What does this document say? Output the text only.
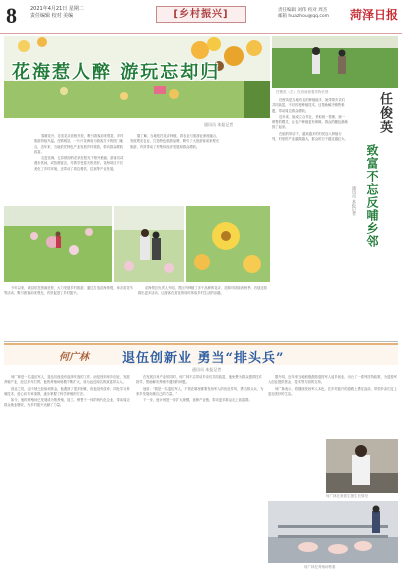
8	2021年4月21日 星期二
责任编辑 校对 美编	[乡村振兴]	责任编辑 刘伟 校对 周杰
邮箱 huazhou@qq.com 菏泽日报
花海惹人醉 游玩忘却归
通讯员 本报记者

春暖花开，各类花卉竞相开放，吸引游客前来观赏，乡村旅游持续升温。在郓城县，一片片花海成为游客打卡的热门地点，近年来，当地依托特色产业发展乡村旅游，带动群众增收致富。

走进花海，五彩缤纷的花朵在阳光下格外艳丽，游客们或漫步其间，或拍照留念，尽情享受春天的美好。花海项目不仅美化了乡村环境，还带动了周边餐饮、住宿等产业发展。

据了解，当地依托花卉种植，将农业与旅游业深度融合，发展观光农业，打造特色旅游品牌，吸引了大批游客前来观光旅游，有效带动了村集体经济发展和群众增收。

今年以来，该县依托资源优势，大力发展乡村旅游，通过打造花海景观，举办赏花节等活动，吸引游客前来观光，有效促进了乡村振兴。

花海景区负责人介绍，景区内种植了多个品种的花卉，花期可持续到秋季，后续还将推出更多活动，让游客在赏花的同时体验乡村生活的乐趣。

任俊英（左）在田间查看作物长势

任俊英是当地有名的种植能手，她带领乡亲们共同致富，不仅传授种植技术，还帮助解决销售难题，带动周边群众增收。

近年来，她成立合作社，采取统一管理、统一销售的模式，让农户种植更有保障，群众的腰包渐渐鼓了起来。

在她的带动下，越来越多的村民加入种植行列，村里的产业越做越大，群众的日子越过越红火。

任俊英
致富不忘反哺乡邻
通讯员 本报记者
何广林	退伍创新业 勇当“排头兵”
通讯员 本报记者

何广林是一名退伍军人，退伍后他没有选择安逸的工作，而是回到家乡创业，发展养殖产业，经过多年打拼，他的养殖场规模不断扩大，成为远近闻名的致富带头人。

创业之初，由于缺乏经验和资金，他遇到了很多困难，但他没有放弃，四处学习养殖技术，虚心向专家请教，逐步掌握了科学养殖的方法。

如今，他的养殖场已发展成为集养殖、加工、销售于一体的现代化企业，带动周边群众就业增收，为乡村振兴贡献了力量。

在发展自身产业的同时，何广林不忘带动乡亲们共同致富，他免费为群众提供技术指导，帮助解决养殖中遇到的问题。

他说：“我是一名退伍军人，不管在哪里都要发扬军人的优良作风，勇当排头兵，为家乡发展贡献自己的力量。”

下一步，他计划进一步扩大规模，延伸产业链，带动更多群众走上致富路。

据介绍，近年来当地积极鼓励退役军人返乡创业，出台了一系列扶持政策，为退役军人创业提供资金、技术等方面的支持。

何广林表示，将继续发扬军人本色，在乡村振兴的道路上勇往直前，带领乡亲们过上更加美好的生活。

何广林在查看生猪生长情况
何广林在养殖场察看
